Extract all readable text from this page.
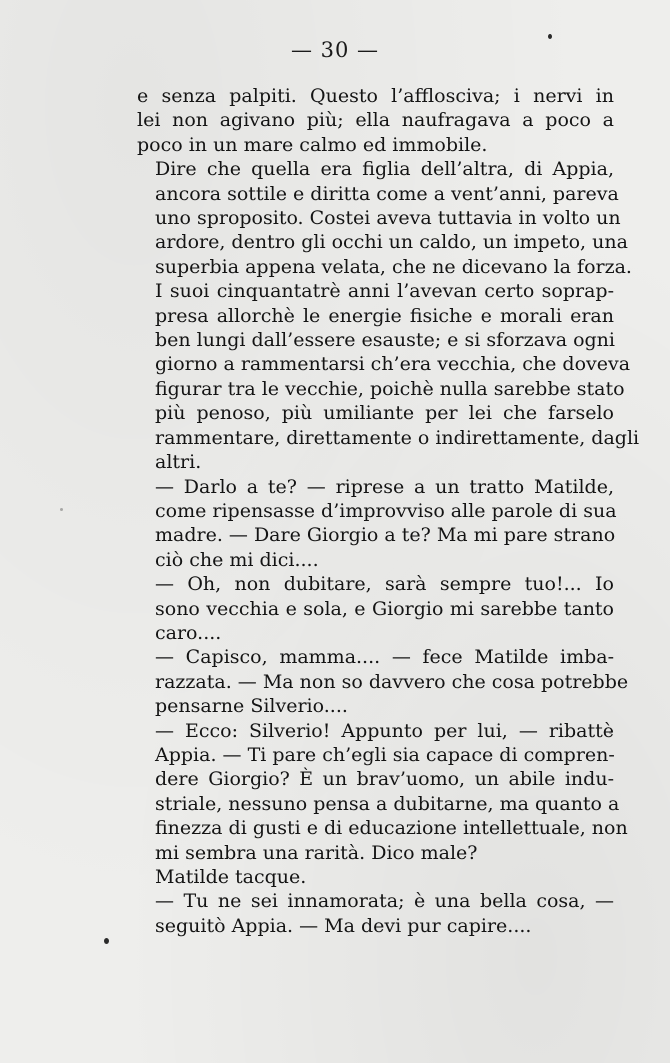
— 30 —

e senza palpiti. Questo l’afflosciva; i nervi in
lei non agivano più; ella naufragava a poco a
poco in un mare calmo ed immobile.

Dire che quella era figlia dell’altra, di Appia,
ancora sottile e diritta come a vent’anni, pareva
uno sproposito. Costei aveva tuttavia in volto un
ardore, dentro gli occhi un caldo, un impeto, una
superbia appena velata, che ne dicevano la forza.

I suoi cinquantatrè anni l’avevan certo soprap-
presa allorchè le energie fisiche e morali eran
ben lungi dall’essere esauste; e si sforzava ogni
giorno a rammentarsi ch’era vecchia, che doveva
figurar tra le vecchie, poichè nulla sarebbe stato
più penoso, più umiliante per lei che farselo
rammentare, direttamente o indirettamente, dagli
altri.

— Darlo a te? — riprese a un tratto Matilde,
come ripensasse d’improvviso alle parole di sua
madre. — Dare Giorgio a te? Ma mi pare strano
ciò che mi dici....

— Oh, non dubitare, sarà sempre tuo!... Io
sono vecchia e sola, e Giorgio mi sarebbe tanto
caro....

— Capisco, mamma.... — fece Matilde imba-
razzata. — Ma non so davvero che cosa potrebbe
pensarne Silverio....

— Ecco: Silverio! Appunto per lui, — ribattè
Appia. — Ti pare ch’egli sia capace di compren-
dere Giorgio? È un brav’uomo, un abile indu-
striale, nessuno pensa a dubitarne, ma quanto a
finezza di gusti e di educazione intellettuale, non
mi sembra una rarità. Dico male?

Matilde tacque.

— Tu ne sei innamorata; è una bella cosa, —
seguitò Appia. — Ma devi pur capire....
